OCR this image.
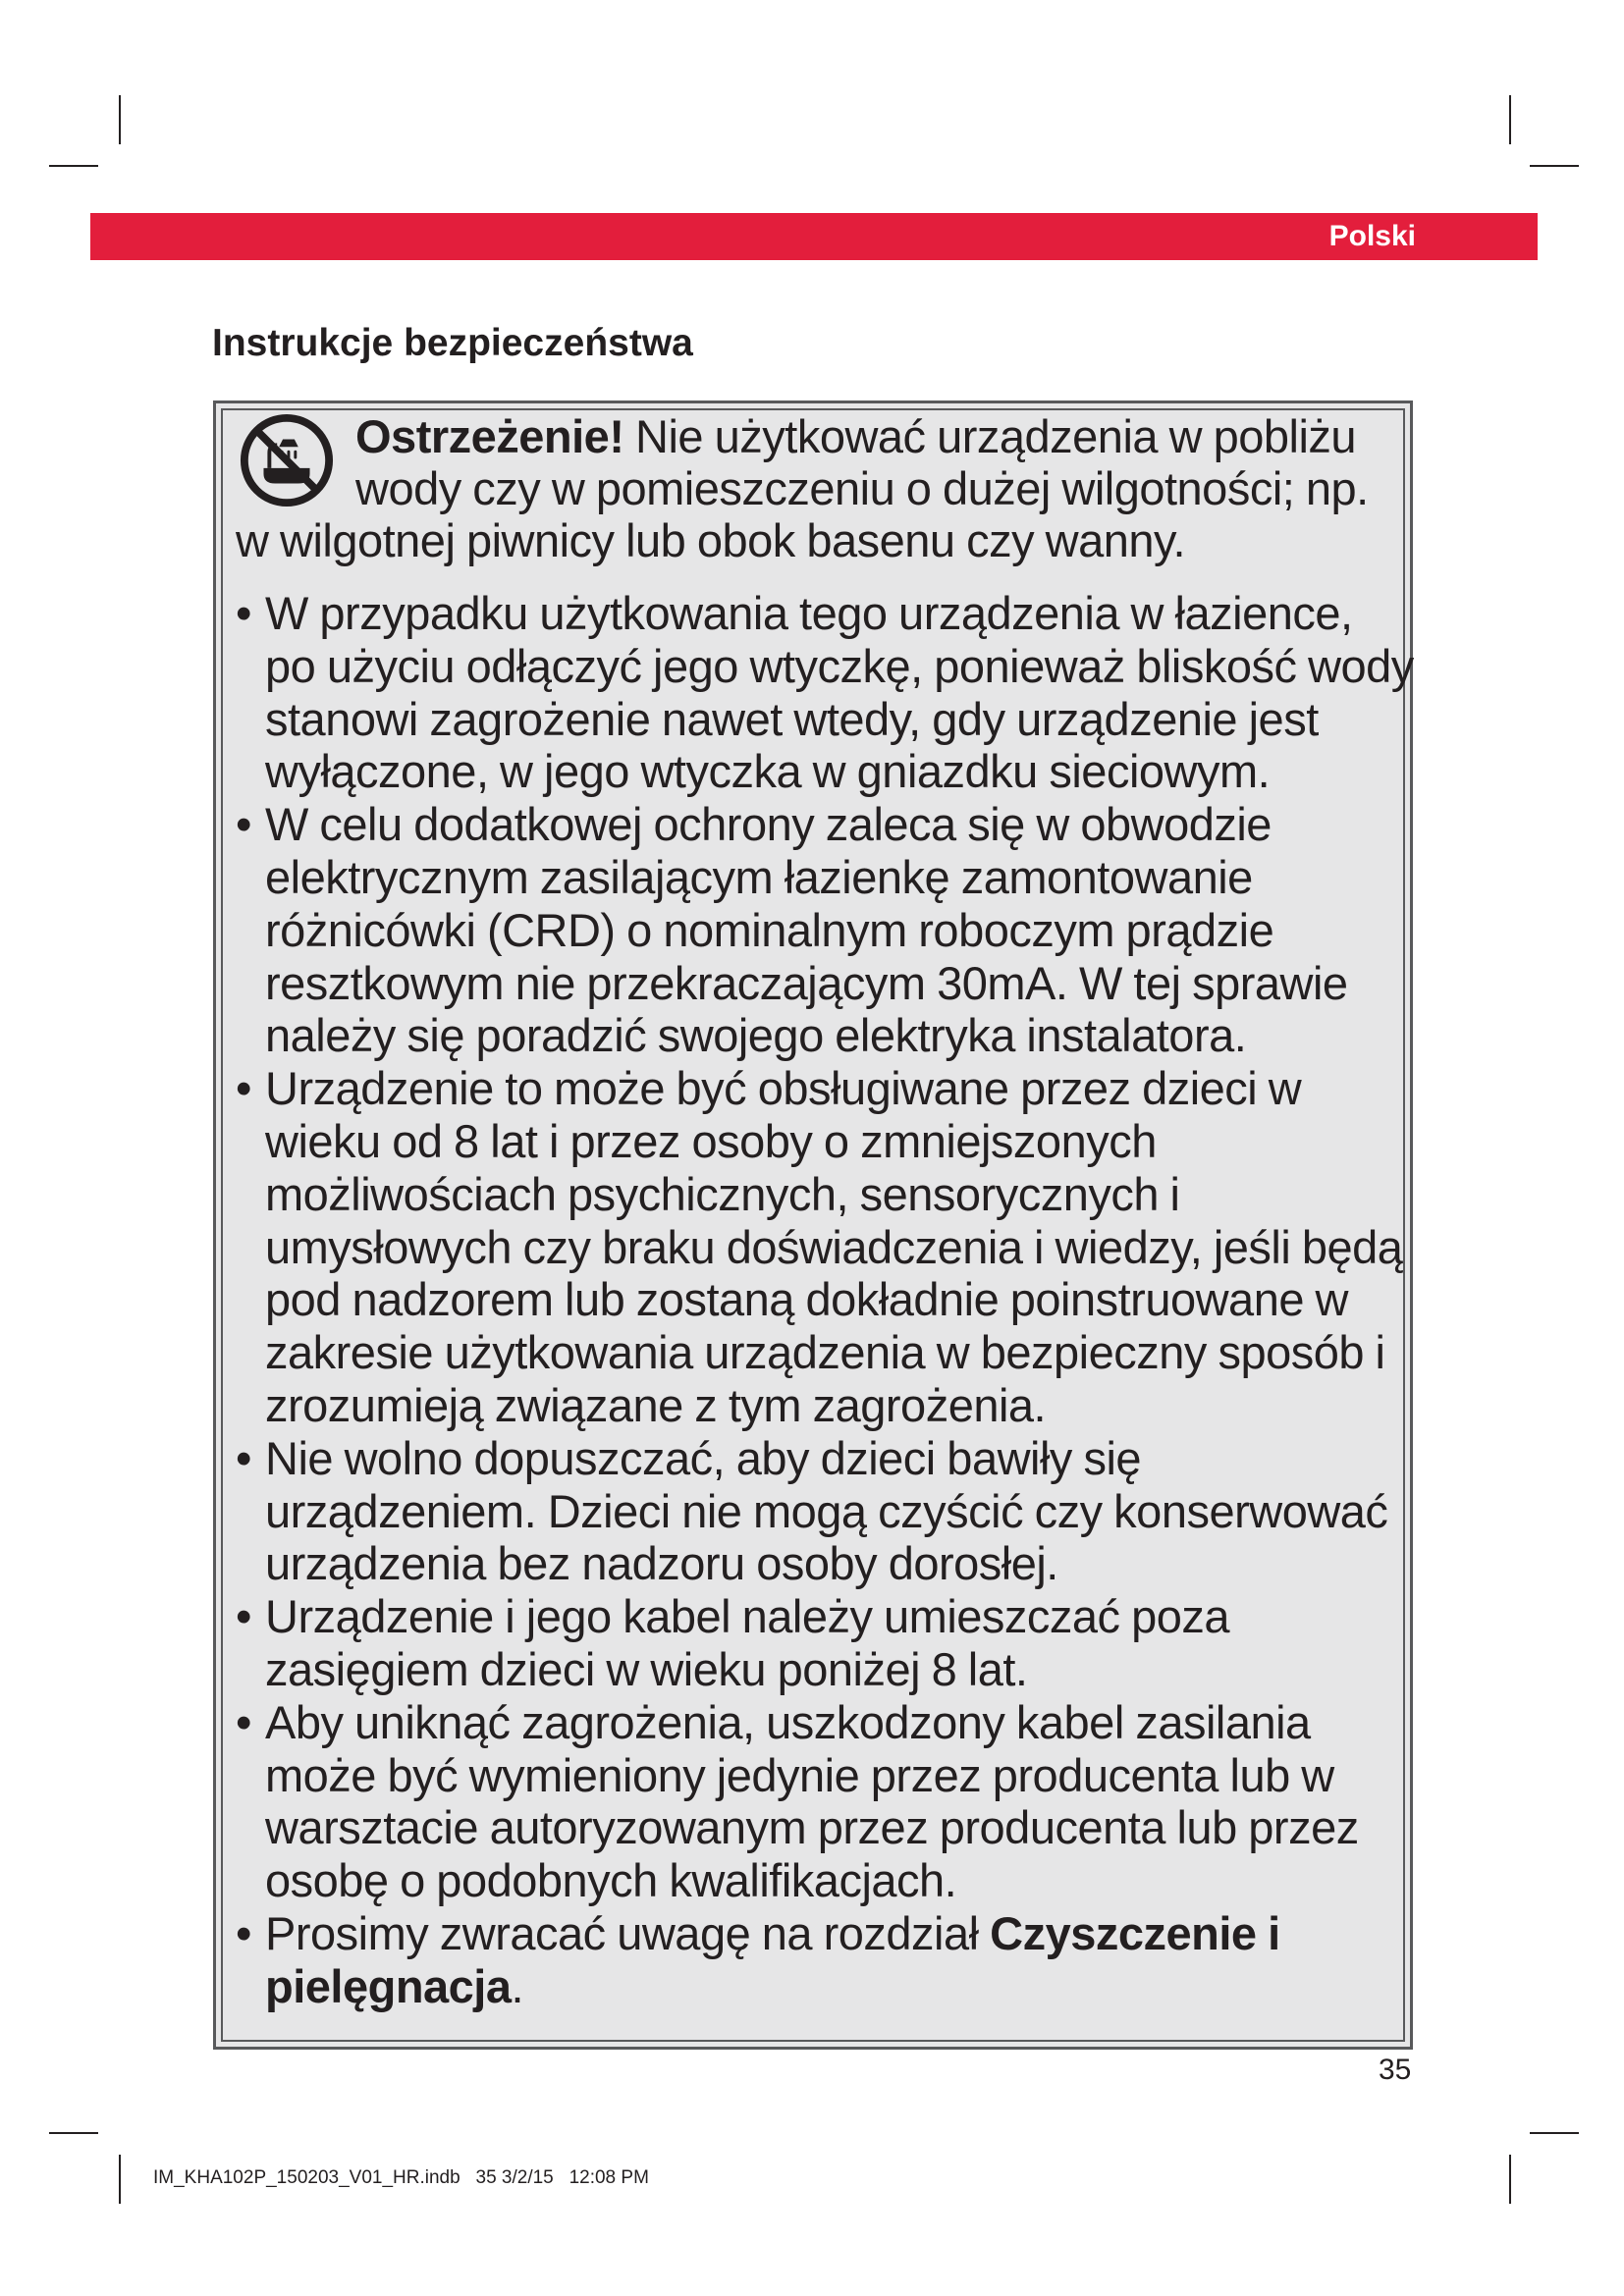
Polski
Instrukcje bezpieczeństwa

Ostrzeżenie! Nie użytkować urządzenia w pobliżu wody czy w pomieszczeniu o dużej wilgotności; np. w wilgotnej piwnicy lub obok basenu czy wanny.

• W przypadku użytkowania tego urządzenia w łazience, po użyciu odłączyć jego wtyczkę, ponieważ bliskość wody stanowi zagrożenie nawet wtedy, gdy urządzenie jest wyłączone, w jego wtyczka w gniazdku sieciowym.
• W celu dodatkowej ochrony zaleca się w obwodzie elektrycznym zasilającym łazienkę zamontowanie różnicówki (CRD) o nominalnym roboczym prądzie resztkowym nie przekraczającym 30mA. W tej sprawie należy się poradzić swojego elektryka instalatora.
• Urządzenie to może być obsługiwane przez dzieci w wieku od 8 lat i przez osoby o zmniejszonych możliwościach psychicznych, sensorycznych i umysłowych czy braku doświadczenia i wiedzy, jeśli będą pod nadzorem lub zostaną dokładnie poinstruowane w zakresie użytkowania urządzenia w bezpieczny sposób i zrozumieją związane z tym zagrożenia.
• Nie wolno dopuszczać, aby dzieci bawiły się urządzeniem. Dzieci nie mogą czyścić czy konserwować urządzenia bez nadzoru osoby dorosłej.
• Urządzenie i jego kabel należy umieszczać poza zasięgiem dzieci w wieku poniżej 8 lat.
• Aby uniknąć zagrożenia, uszkodzony kabel zasilania może być wymieniony jedynie przez producenta lub w warsztacie autoryzowanym przez producenta lub przez osobę o podobnych kwalifikacjach.
• Prosimy zwracać uwagę na rozdział Czyszczenie i pielęgnacja.
35
IM_KHA102P_150203_V01_HR.indb   35 3/2/15   12:08 PM
